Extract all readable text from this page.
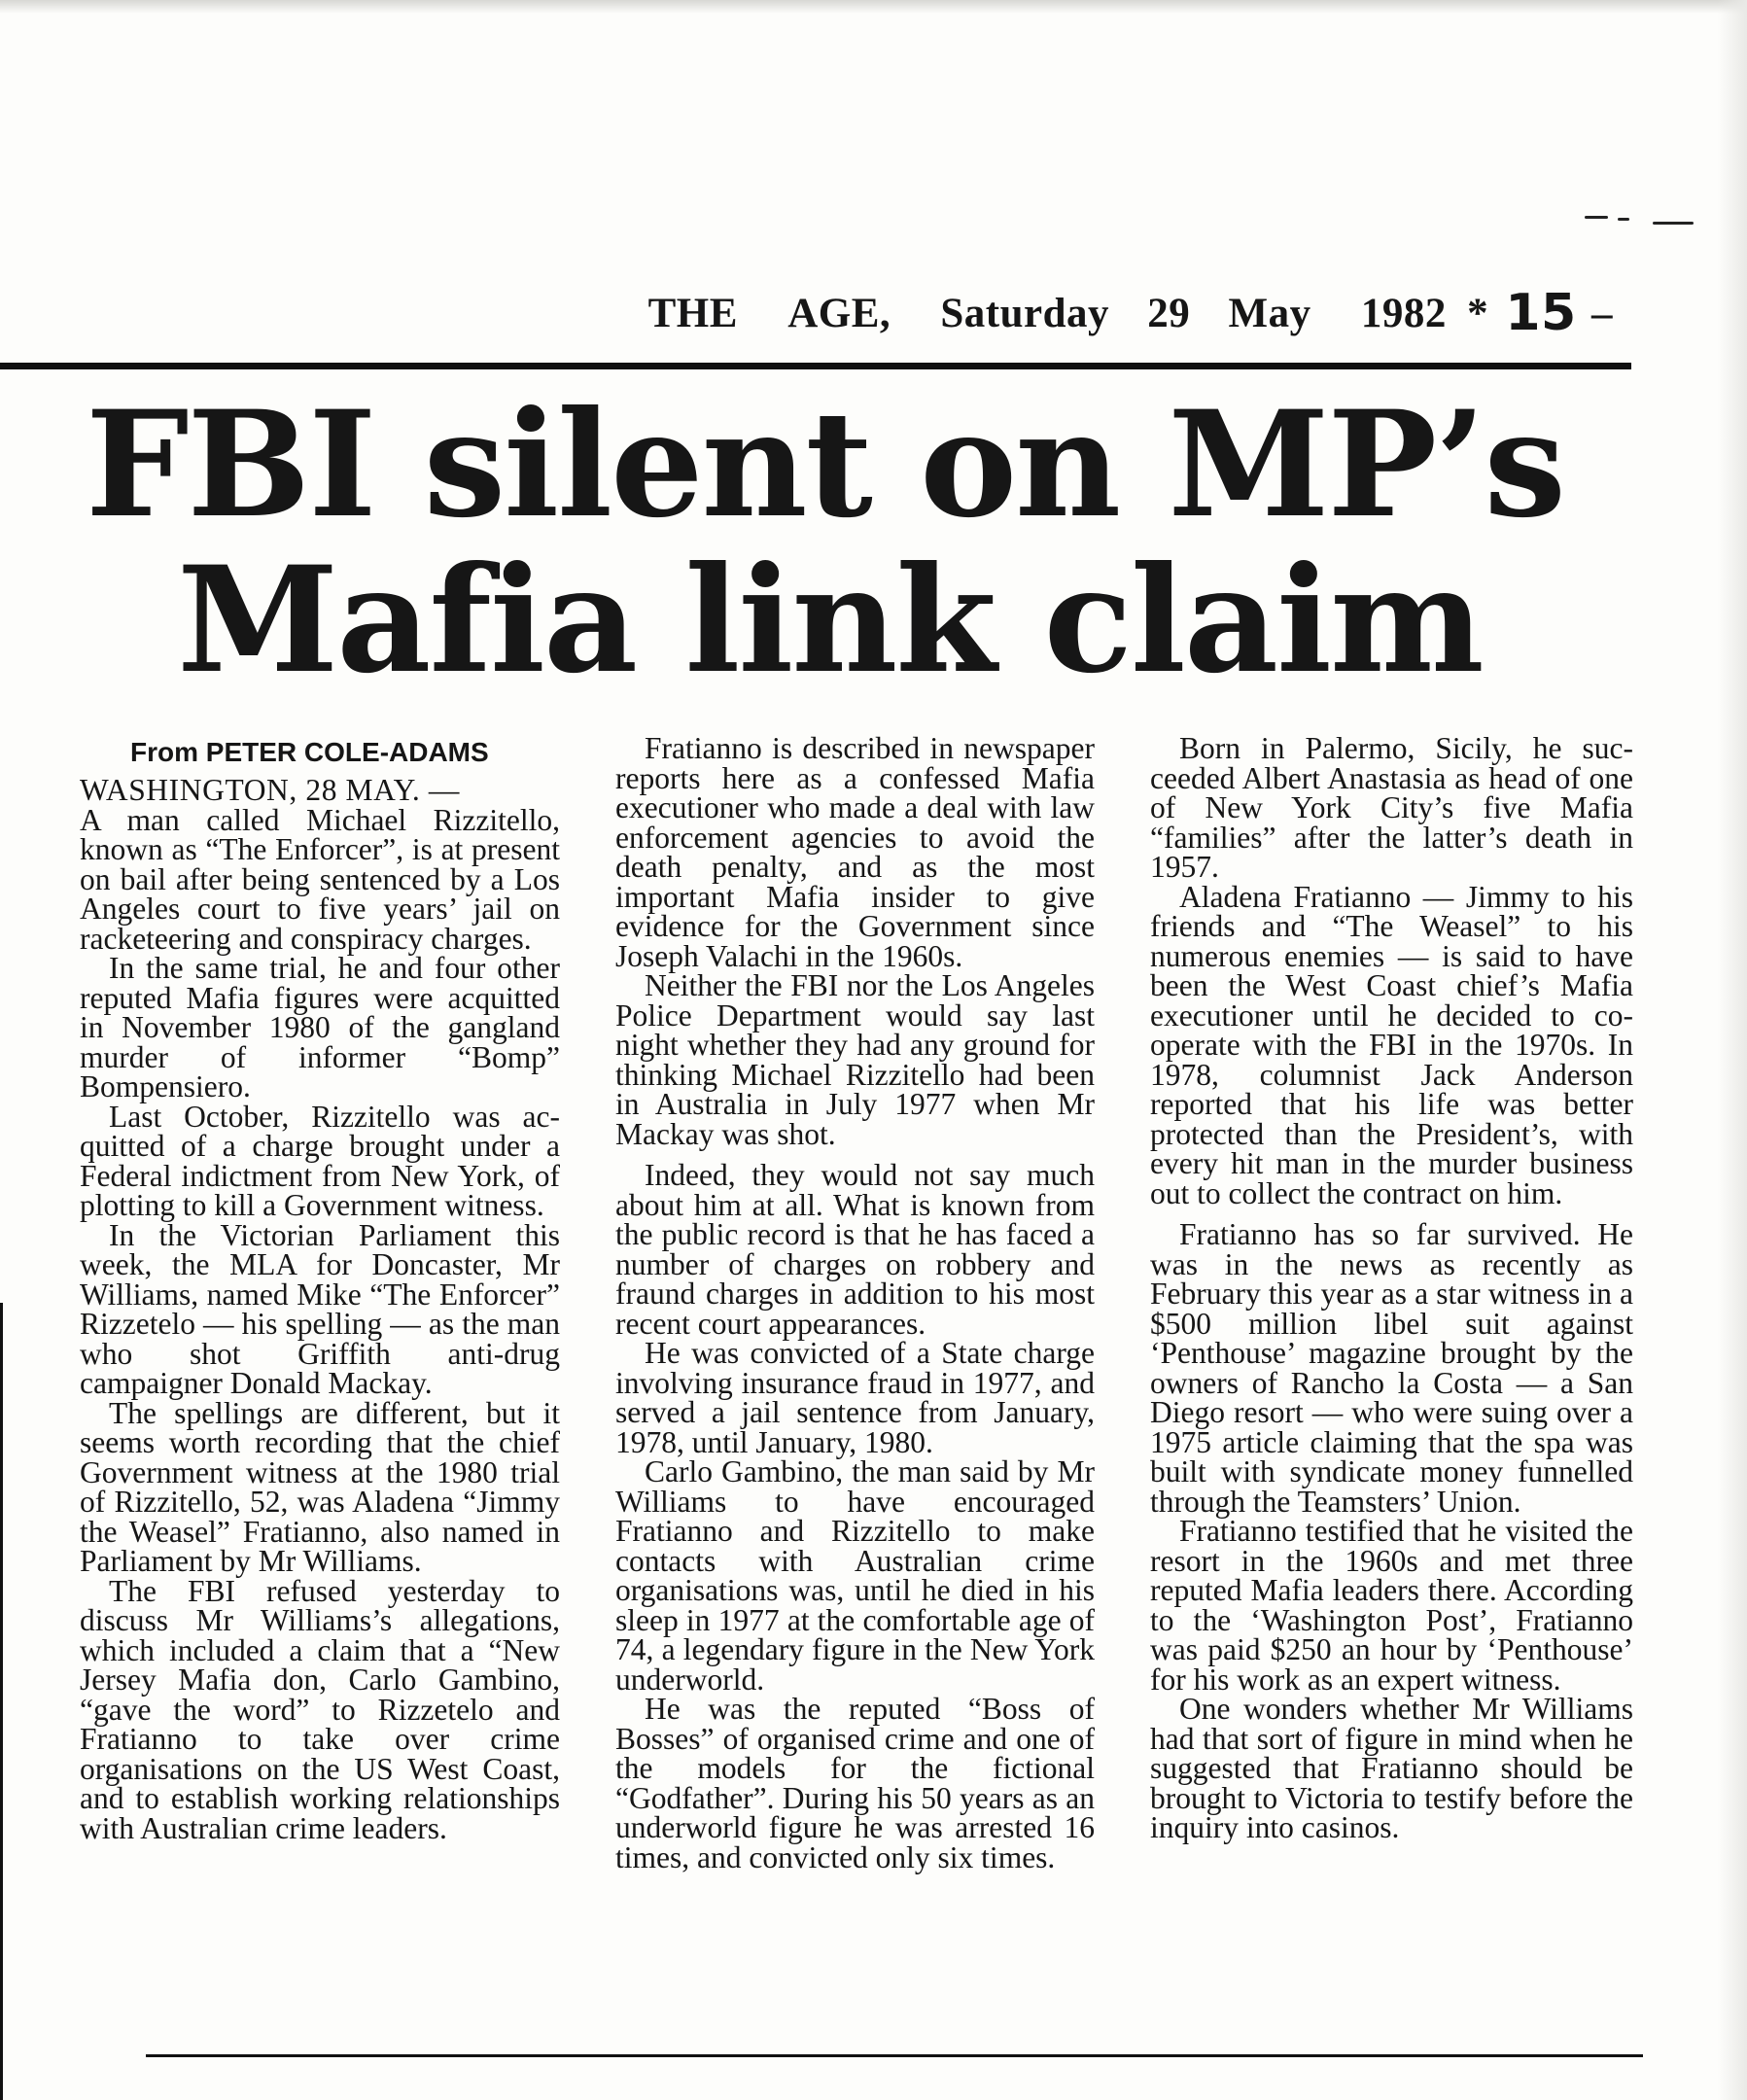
THE AGE, Saturday 29 May 1982 * 15 –
FBI silent on MP’s
Mafia link claim
From PETER COLE-ADAMS

WASHINGTON, 28 MAY. —

A man called Michael Rizzitello, known as “The Enforcer”, is at present on bail after being sentenced by a Los Angeles court to five years’ jail on racketeering and conspiracy charges.

In the same trial, he and four other reputed Mafia figures were acquitted in November 1980 of the gangland murder of informer “Bomp” Bompensiero.

Last October, Rizzitello was acquitted of a charge brought under a Federal indictment from New York, of plotting to kill a Government witness.

In the Victorian Parliament this week, the MLA for Doncaster, Mr Williams, named Mike “The Enforcer” Rizzetelo — his spelling — as the man who shot Griffith anti-drug campaigner Donald Mackay.

The spellings are different, but it seems worth recording that the chief Government witness at the 1980 trial of Rizzitello, 52, was Aladena “Jimmy the Weasel” Fratianno, also named in Parliament by Mr Williams.

The FBI refused yesterday to discuss Mr Williams’s allegations, which included a claim that a “New Jersey Mafia don, Carlo Gambino, “gave the word” to Rizzetelo and Fratianno to take over crime organisations on the US West Coast, and to establish working relationships with Australian crime leaders.

Fratianno is described in newspaper reports here as a confessed Mafia executioner who made a deal with law enforcement agencies to avoid the death penalty, and as the most important Mafia insider to give evidence for the Government since Joseph Valachi in the 1960s.

Neither the FBI nor the Los Angeles Police Department would say last night whether they had any ground for thinking Michael Rizzitello had been in Australia in July 1977 when Mr Mackay was shot.

Indeed, they would not say much about him at all. What is known from the public record is that he has faced a number of charges on robbery and fraund charges in addition to his most recent court appearances.

He was convicted of a State charge involving insurance fraud in 1977, and served a jail sentence from January, 1978, until January, 1980.

Carlo Gambino, the man said by Mr Williams to have encouraged Fratianno and Rizzitello to make contacts with Australian crime organisations was, until he died in his sleep in 1977 at the comfortable age of 74, a legendary figure in the New York underworld.

He was the reputed “Boss of Bosses” of organised crime and one of the models for the fictional “Godfather”. During his 50 years as an underworld figure he was arrested 16 times, and convicted only six times.

Born in Palermo, Sicily, he succeeded Albert Anastasia as head of one of New York City’s five Mafia “families” after the latter’s death in 1957.

Aladena Fratianno — Jimmy to his friends and “The Weasel” to his numerous enemies — is said to have been the West Coast chief’s Mafia executioner until he decided to co-operate with the FBI in the 1970s. In 1978, columnist Jack Anderson reported that his life was better protected than the President’s, with every hit man in the murder business out to collect the contract on him.

Fratianno has so far survived. He was in the news as recently as February this year as a star witness in a $500 million libel suit against ‘Penthouse’ magazine brought by the owners of Rancho la Costa — a San Diego resort — who were suing over a 1975 article claiming that the spa was built with syndicate money funnelled through the Teamsters’ Union.

Fratianno testified that he visited the resort in the 1960s and met three reputed Mafia leaders there. According to the ‘Washington Post’, Fratianno was paid $250 an hour by ‘Penthouse’ for his work as an expert witness.

One wonders whether Mr Williams had that sort of figure in mind when he suggested that Fratianno should be brought to Victoria to testify before the inquiry into casinos.
